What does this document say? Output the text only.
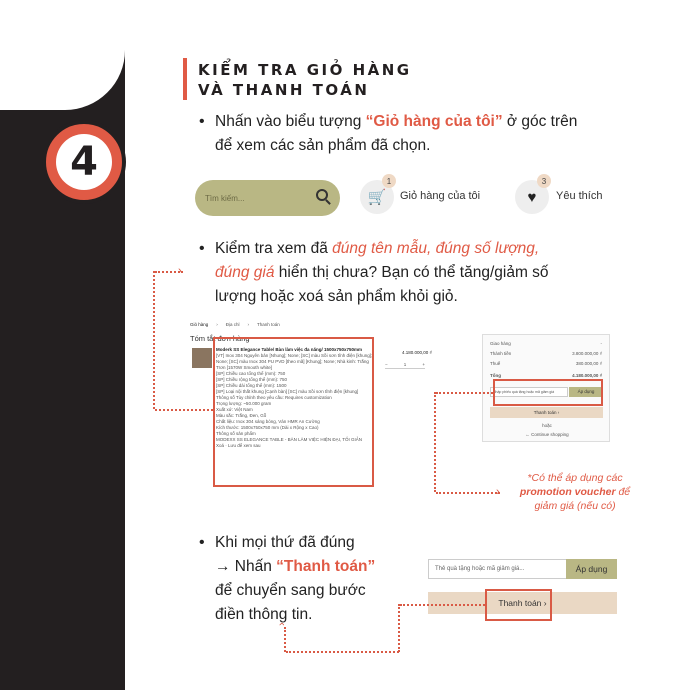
4
KIỂM TRA GIỎ HÀNG
VÀ THANH TOÁN
• Nhấn vào biểu tượng “Giỏ hàng của tôi” ở góc trên
để xem các sản phẩm đã chọn.
Tìm kiếm...	🛒
1
Giỏ hàng của tôi	♥
3
Yêu thích
• Kiểm tra xem đã đúng tên mẫu, đúng số lượng,
đúng giá hiển thị chưa? Bạn có thể tăng/giảm số
lượng hoặc xoá sản phẩm khỏi giỏ.
Giỏ hàng › Địa chỉ › Thanh toán
Tóm tắt đơn hàng
Moderk SS Elegance Table/ Bàn làm việc đa năng/ 1500x750x750mm
[VT] Inox 304 Nguyên bản [Nhung]; None; [SC] màu Sồi sơn tĩnh điện [khung]; None; [SC] màu Inox 304 PU PVD [theo mã] [Khung]; None; Nhà kinh: Trắng Trơn [1570W Smooth white]
[SP] Chiều cao tổng thể (mm): 750
[SP] Chiều rộng tổng thể (mm): 750
[SP] Chiều dài tổng thể (mm): 1500
[SP] Loại nội thất khung [Cạnh bàn] [SC] màu Sồi sơn tĩnh điện [khung]
Thông số Tùy chỉnh theo yêu cầu: Requires customization
Trọng lượng: ~50.000 gram
Xuất xứ: Việt Nam
Màu sắc: Trắng, Đen, Gỗ
Chất liệu: Inox 304 sáng bóng, Ván HMR An Cường
Kích thước: 1500x750x750 mm (Dài x Rộng x Cao)
Thông số sản phẩm
MODEXX SS ELEGANCE TABLE - BÀN LÀM VIỆC HIỆN ĐẠI, TỐI GIẢN
Xoá · Lưu để xem sau
4.180.000,00 ₫
−	1	+
Giao hàng	-
Thành tiền	3.800.000,00 ₫
Thuế	380.000,00 ₫
Tổng	4.180.000,00 ₫
Nhập phiếu quà tặng hoặc mã giảm giá	Áp dụng
Thanh toán ›
hoặc
← Continue shopping
›
›
*Có thể áp dụng các
promotion voucher để
giảm giá (nếu có)
• Khi mọi thứ đã đúng
→ Nhấn “Thanh toán”
để chuyển sang bước
điền thông tin.
Thẻ quà tặng hoặc mã giảm giá...	Áp dụng
Thanh toán ›
›
